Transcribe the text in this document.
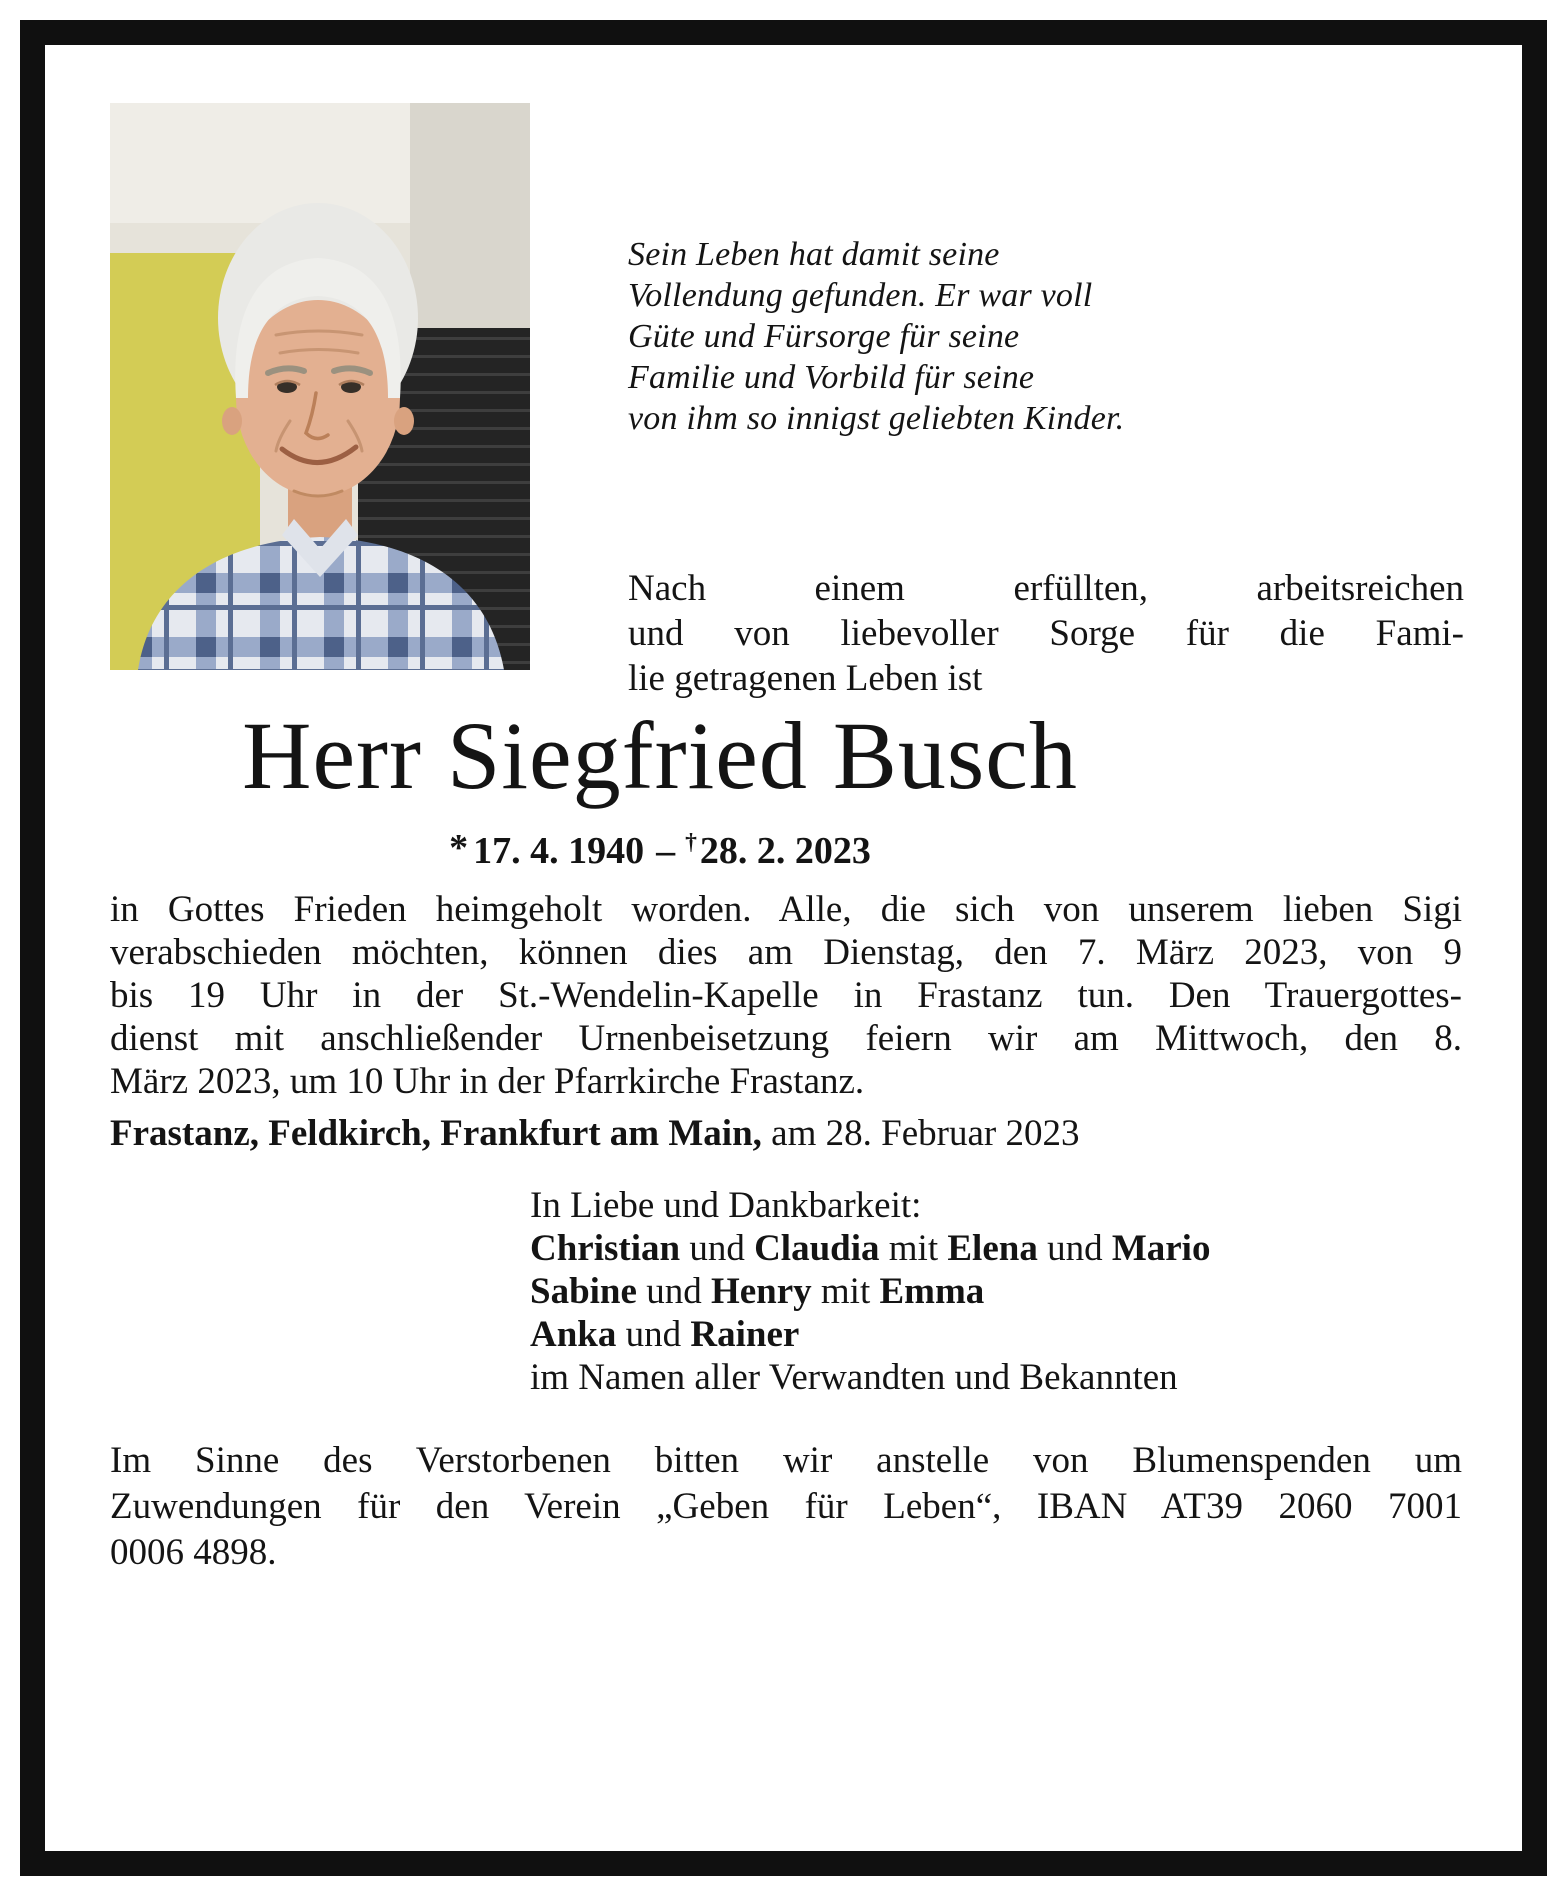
Sein Leben hat damit seine
Vollendung gefunden. Er war voll
Güte und Fürsorge für seine
Familie und Vorbild für seine
von ihm so innigst geliebten Kinder.
Nach einem erfüllten, arbeitsreichen
und von liebevoller Sorge für die Fami-
lie getragenen Leben ist
Herr Siegfried Busch
* 17. 4. 1940 – †28. 2. 2023
in Gottes Frieden heimgeholt worden. Alle, die sich von unserem lieben Sigi
verabschieden möchten, können dies am Dienstag, den 7. März 2023, von 9
bis 19 Uhr in der St.-Wendelin-Kapelle in Frastanz tun. Den Trauergottes-
dienst mit anschließender Urnenbeisetzung feiern wir am Mittwoch, den 8.
März 2023, um 10 Uhr in der Pfarrkirche Frastanz.
Frastanz, Feldkirch, Frankfurt am Main, am 28. Februar 2023
In Liebe und Dankbarkeit:
Christian und Claudia mit Elena und Mario
Sabine und Henry mit Emma
Anka und Rainer
im Namen aller Verwandten und Bekannten
Im Sinne des Verstorbenen bitten wir anstelle von Blumenspenden um
Zuwendungen für den Verein „Geben für Leben“, IBAN AT39 2060 7001
0006 4898.
